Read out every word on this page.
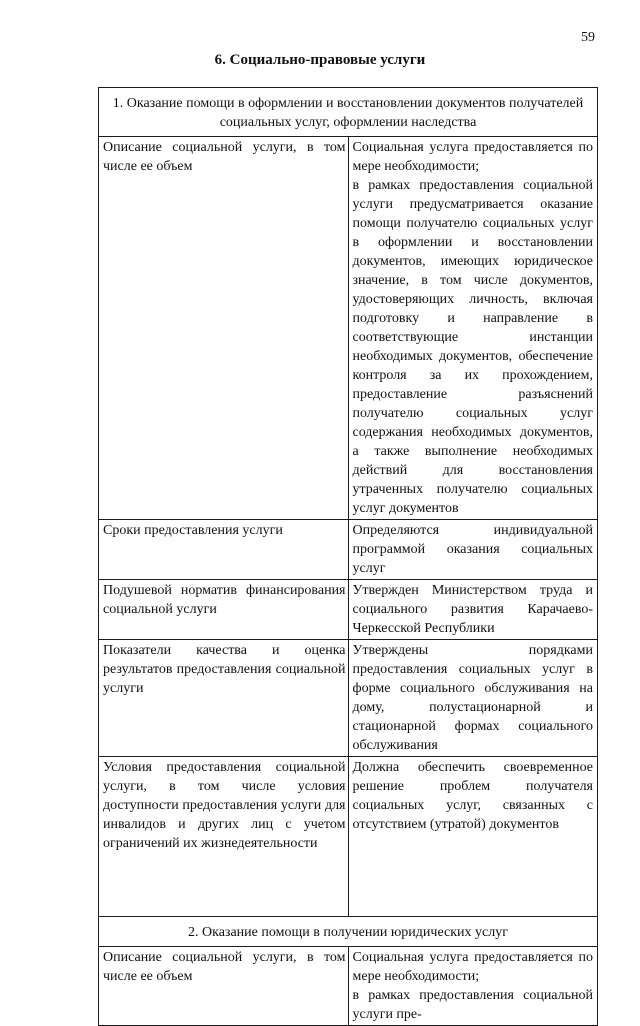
59
6. Социально-правовые услуги
1. Оказание помощи в оформлении и восстановлении документов получателей социальных услуг, оформлении наследства	
Описание социальной услуги, в том числе ее объем	Социальная услуга предоставляется по мере необходимости;
в рамках предоставления социальной услуги предусматривается оказание помощи получателю социальных услуг в оформлении и восстановлении документов, имеющих юридическое значение, в том числе документов, удостоверяющих личность, включая подготовку и направление в соответствующие инстанции необходимых документов, обеспечение контроля за их прохождением, предоставление разъяснений получателю социальных услуг содержания необходимых документов, а также выполнение необходимых действий для восстановления утраченных получателю социальных услуг документов

Сроки предоставления услуги	Определяются индивидуальной программой оказания социальных услуг

Подушевой норматив финансирования социальной услуги	Утвержден Министерством труда и социального развития Карачаево-Черкесской Республики

Показатели качества и оценка результатов предоставления социальной услуги	Утверждены порядками предоставления социальных услуг в форме социального обслуживания на дому, полустационарной и стационарной формах социального обслуживания

Условия предоставления социальной услуги, в том числе условия доступности предоставления услуги для инвалидов и других лиц с учетом ограничений их жизнедеятельности	Должна обеспечить своевременное решение проблем получателя социальных услуг, связанных с отсутствием (утратой) документов

2. Оказание помощи в получении юридических услуг	
Описание социальной услуги, в том числе ее объем	Социальная услуга предоставляется по мере необходимости;
в рамках предоставления социальной услуги пре-
